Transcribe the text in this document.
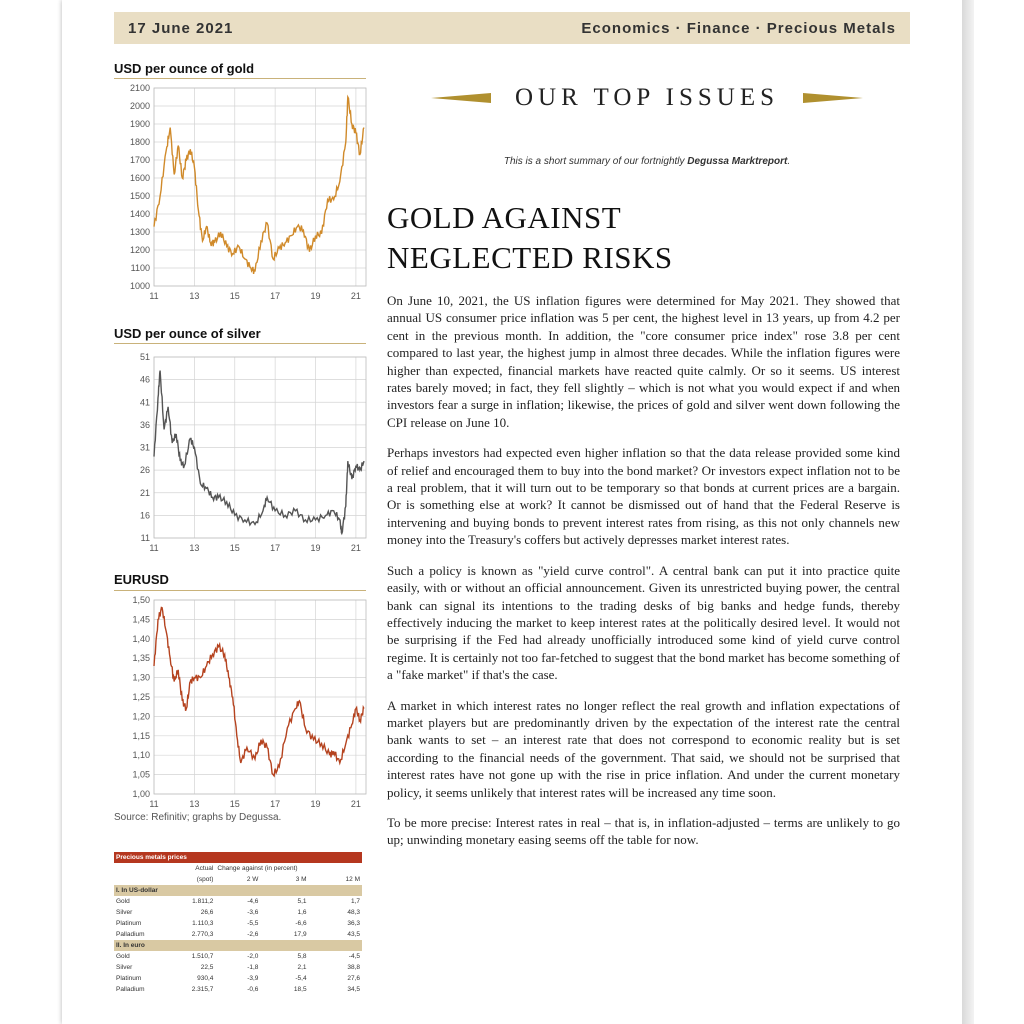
17 June 2021	Economics · Finance · Precious Metals
USD per ounce of gold
2100
2000
1900
1800
1700
1600
1500
1400
1300
1200
1100
1000
11	13	15	17	19	21
USD per ounce of silver
51
46
41
36
31
26
21
16
11
11	13	15	17	19	21
EURUSD
1,50
1,45
1,40
1,35
1,30
1,25
1,20
1,15
1,10
1,05
1,00
11	13	15	17	19	21
Source: Refinitiv; graphs by Degussa.
Precious metals prices				
	Actual	Change against (in percent)		
	(spot)	2 W	3 M	12 M
I. In US-dollar				
Gold	1.811,2	-4,6	5,1	1,7
Silver	26,6	-3,6	1,6	48,3
Platinum	1.110,3	-5,5	-6,6	36,3
Palladium	2.770,3	-2,6	17,9	43,5
II. In euro				
Gold	1.510,7	-2,0	5,8	-4,5
Silver	22,5	-1,8	2,1	38,8
Platinum	930,4	-3,9	-5,4	27,6
Palladium	2.315,7	-0,6	18,5	34,5
OUR TOP ISSUES
This is a short summary of our fortnightly Degussa Marktreport.
GOLD AGAINST NEGLECTED RISKS

On June 10, 2021, the US inflation figures were determined for May 2021. They showed that annual US consumer price inflation was 5 per cent, the highest level in 13 years, up from 4.2 per cent in the previous month. In addition, the "core consumer price index" rose 3.8 per cent compared to last year, the highest jump in almost three decades. While the inflation figures were higher than expected, financial markets have reacted quite calmly. Or so it seems. US interest rates barely moved; in fact, they fell slightly – which is not what you would expect if and when investors fear a surge in inflation; likewise, the prices of gold and silver went down following the CPI release on June 10.

Perhaps investors had expected even higher inflation so that the data release provided some kind of relief and encouraged them to buy into the bond market? Or investors expect inflation not to be a real problem, that it will turn out to be temporary so that bonds at current prices are a bargain. Or is something else at work? It cannot be dismissed out of hand that the Federal Reserve is intervening and buying bonds to prevent interest rates from rising, as this not only channels new money into the Treasury's coffers but actively depresses market interest rates.

Such a policy is known as "yield curve control". A central bank can put it into practice quite easily, with or without an official announcement. Given its unrestricted buying power, the central bank can signal its intentions to the trading desks of big banks and hedge funds, thereby effectively inducing the market to keep interest rates at the politically desired level. It would not be surprising if the Fed had already unofficially introduced some kind of yield curve control regime. It is certainly not too far-fetched to suggest that the bond market has become something of a "fake market" if that's the case.

A market in which interest rates no longer reflect the real growth and inflation expectations of market players but are predominantly driven by the expectation of the interest rate the central bank wants to set – an interest rate that does not correspond to economic reality but is set according to the financial needs of the government. That said, we should not be surprised that interest rates have not gone up with the rise in price inflation. And under the current monetary policy, it seems unlikely that interest rates will be increased any time soon.

To be more precise: Interest rates in real – that is, in inflation-adjusted – terms are unlikely to go up; unwinding monetary easing seems off the table for now.
